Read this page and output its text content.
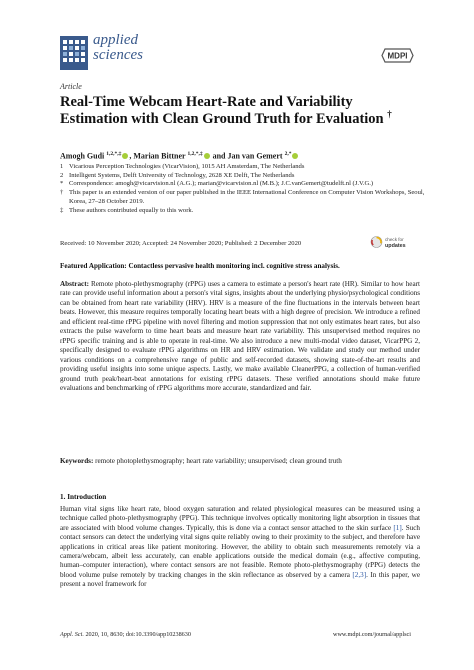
applied
sciences	MDPI
Article
Real-Time Webcam Heart-Rate and Variability Estimation with Clean Ground Truth for Evaluation †
Amogh Gudi $^{1,2,*,\ddagger}$ , Marian Bittner $^{1,2,*,\ddagger}$ and Jan van Gemert $^{2,*}$
1 Vicarious Perception Technologies (VicarVision), 1015 AH Amsterdam, The Netherlands
2 Intelligent Systems, Delft University of Technology, 2628 XE Delft, The Netherlands
* Correspondence: amogh@vicarvision.nl (A.G.); marian@vicarvision.nl (M.B.); J.C.vanGemert@tudelft.nl (J.V.G.)
† This paper is an extended version of our paper published in the IEEE International Conference on Computer Vision Workshops, Seoul, Korea, 27–28 October 2019.
‡ These authors contributed equally to this work.
Received: 10 November 2020; Accepted: 24 November 2020; Published: 2 December 2020
check for
updates
Featured Application: Contactless pervasive health monitoring incl. cognitive stress analysis.
Abstract: Remote photo-plethysmography (rPPG) uses a camera to estimate a person's heart rate (HR). Similar to how heart rate can provide useful information about a person's vital signs, insights about the underlying physio/psychological conditions can be obtained from heart rate variability (HRV). HRV is a measure of the fine fluctuations in the intervals between heart beats. However, this measure requires temporally locating heart beats with a high degree of precision. We introduce a refined and efficient real-time rPPG pipeline with novel filtering and motion suppression that not only estimates heart rates, but also extracts the pulse waveform to time heart beats and measure heart rate variability. This unsupervised method requires no rPPG specific training and is able to operate in real-time. We also introduce a new multi-modal video dataset, VicarPPG 2, specifically designed to evaluate rPPG algorithms on HR and HRV estimation. We validate and study our method under various conditions on a comprehensive range of public and self-recorded datasets, showing state-of-the-art results and providing useful insights into some unique aspects. Lastly, we make available CleanerPPG, a collection of human-verified ground truth peak/heart-beat annotations for existing rPPG datasets. These verified annotations should make future evaluations and benchmarking of rPPG algorithms more accurate, standardized and fair.
Keywords: remote photoplethysmography; heart rate variability; unsupervised; clean ground truth
1. Introduction
Human vital signs like heart rate, blood oxygen saturation and related physiological measures can be measured using a technique called photo-plethysmography (PPG). This technique involves optically monitoring light absorption in tissues that are associated with blood volume changes. Typically, this is done via a contact sensor attached to the skin surface [1]. Such contact sensors can detect the underlying vital signs quite reliably owing to their proximity to the subject, and therefore have applications in critical areas like patient monitoring. However, the ability to obtain such measurements remotely via a camera/webcam, albeit less accurately, can enable applications outside the medical domain (e.g., affective computing, human–computer interaction), where contact sensors are not feasible. Remote photo-plethysmography (rPPG) detects the blood volume pulse remotely by tracking changes in the skin reflectance as observed by a camera [2,3]. In this paper, we present a novel framework for
Appl. Sci. 2020, 10, 8630; doi:10.3390/app10238630	www.mdpi.com/journal/applsci
